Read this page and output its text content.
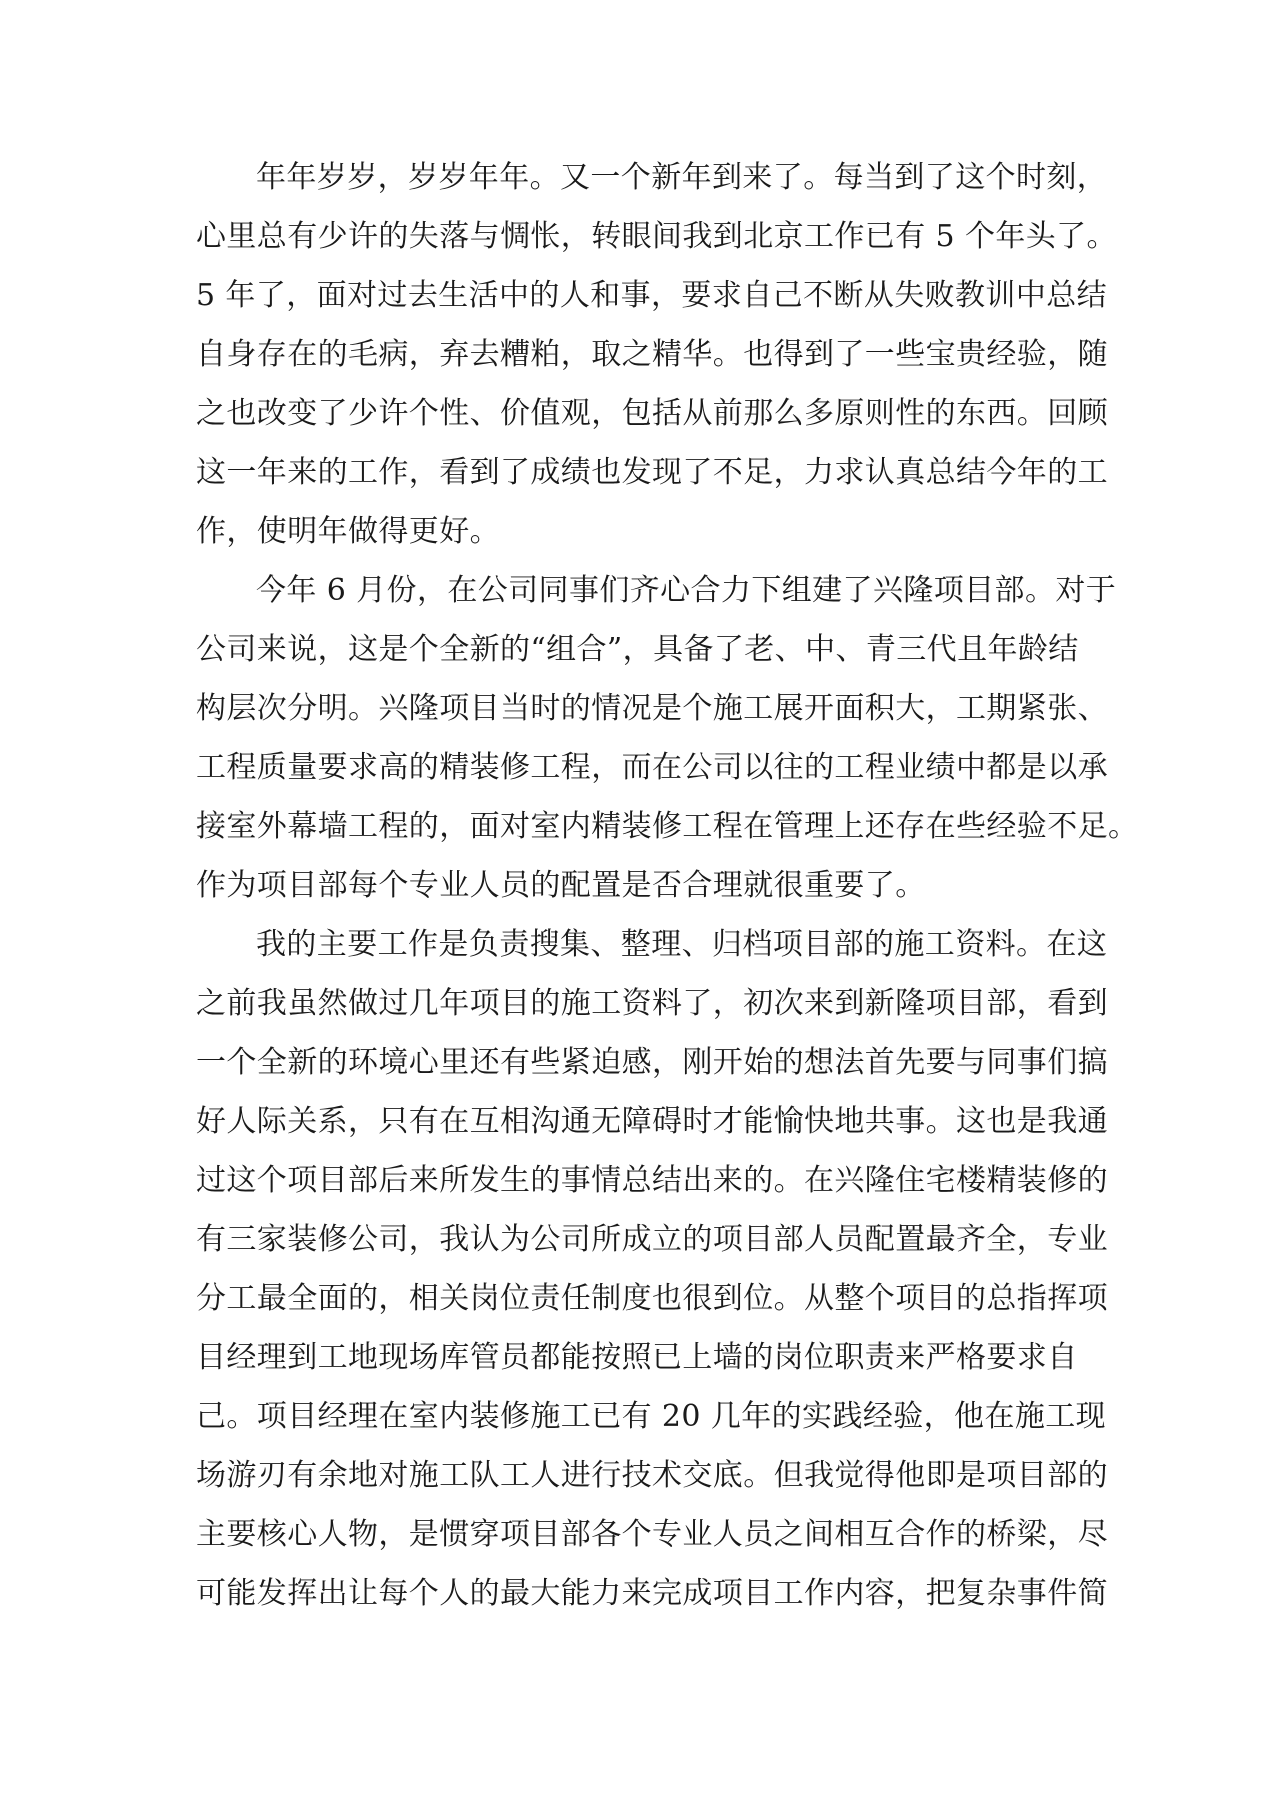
年年岁岁，岁岁年年。又一个新年到来了。每当到了这个时刻，
心里总有少许的失落与惆怅，转眼间我到北京工作已有 5 个年头了。
5 年了，面对过去生活中的人和事，要求自己不断从失败教训中总结
自身存在的毛病，弃去糟粕，取之精华。也得到了一些宝贵经验，随
之也改变了少许个性、价值观，包括从前那么多原则性的东西。回顾
这一年来的工作，看到了成绩也发现了不足，力求认真总结今年的工
作，使明年做得更好。
今年 6 月份，在公司同事们齐心合力下组建了兴隆项目部。对于
公司来说，这是个全新的“组合”，具备了老、中、青三代且年龄结
构层次分明。兴隆项目当时的情况是个施工展开面积大，工期紧张、
工程质量要求高的精装修工程，而在公司以往的工程业绩中都是以承
接室外幕墙工程的，面对室内精装修工程在管理上还存在些经验不足。
作为项目部每个专业人员的配置是否合理就很重要了。
我的主要工作是负责搜集、整理、归档项目部的施工资料。在这
之前我虽然做过几年项目的施工资料了，初次来到新隆项目部，看到
一个全新的环境心里还有些紧迫感，刚开始的想法首先要与同事们搞
好人际关系，只有在互相沟通无障碍时才能愉快地共事。这也是我通
过这个项目部后来所发生的事情总结出来的。在兴隆住宅楼精装修的
有三家装修公司，我认为公司所成立的项目部人员配置最齐全，专业
分工最全面的，相关岗位责任制度也很到位。从整个项目的总指挥项
目经理到工地现场库管员都能按照已上墙的岗位职责来严格要求自
己。项目经理在室内装修施工已有 20 几年的实践经验，他在施工现
场游刃有余地对施工队工人进行技术交底。但我觉得他即是项目部的
主要核心人物，是惯穿项目部各个专业人员之间相互合作的桥梁，尽
可能发挥出让每个人的最大能力来完成项目工作内容，把复杂事件简
